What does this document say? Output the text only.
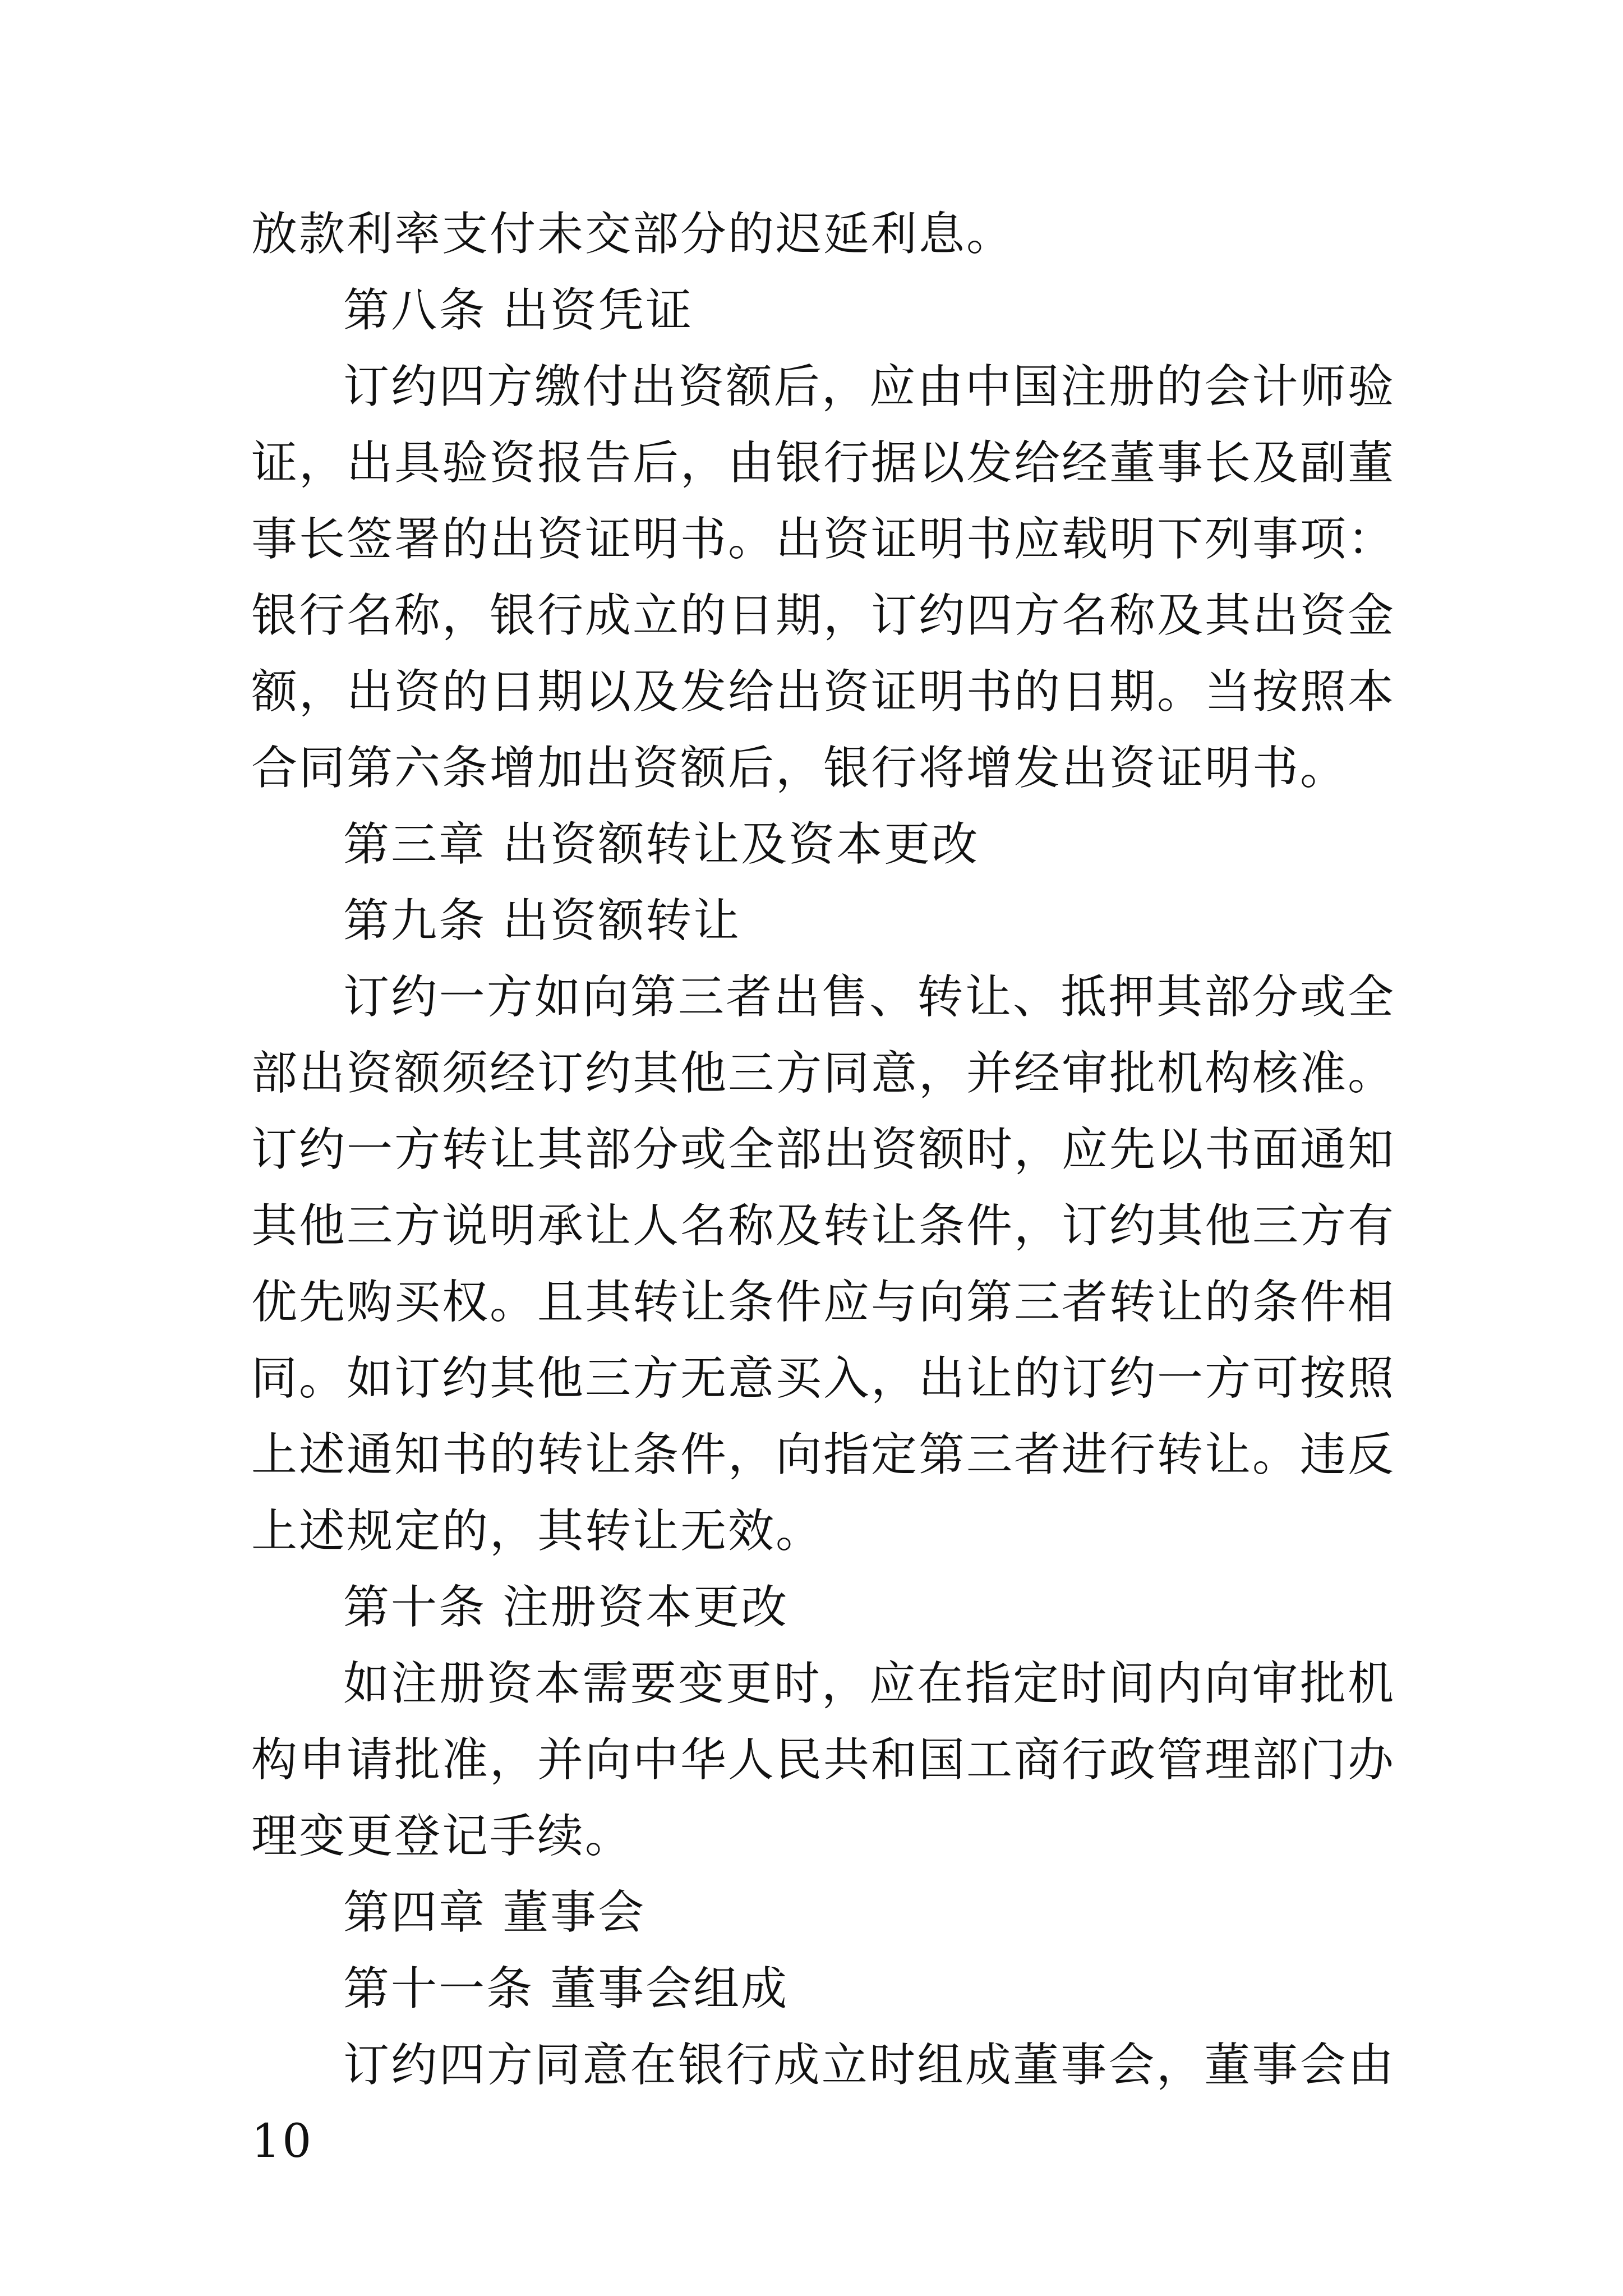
放款利率支付未交部分的迟延利息。

第八条 出资凭证

订约四方缴付出资额后，应由中国注册的会计师验证，出具验资报告后，由银行据以发给经董事长及副董事长签署的出资证明书。出资证明书应载明下列事项：银行名称，银行成立的日期，订约四方名称及其出资金额，出资的日期以及发给出资证明书的日期。当按照本合同第六条增加出资额后，银行将增发出资证明书。

第三章 出资额转让及资本更改

第九条 出资额转让

订约一方如向第三者出售、转让、抵押其部分或全部出资额须经订约其他三方同意，并经审批机构核准。订约一方转让其部分或全部出资额时，应先以书面通知其他三方说明承让人名称及转让条件，订约其他三方有优先购买权。且其转让条件应与向第三者转让的条件相同。如订约其他三方无意买入，出让的订约一方可按照上述通知书的转让条件，向指定第三者进行转让。违反上述规定的，其转让无效。

第十条 注册资本更改

如注册资本需要变更时，应在指定时间内向审批机构申请批准，并向中华人民共和国工商行政管理部门办理变更登记手续。

第四章 董事会

第十一条 董事会组成

订约四方同意在银行成立时组成董事会，董事会由10
